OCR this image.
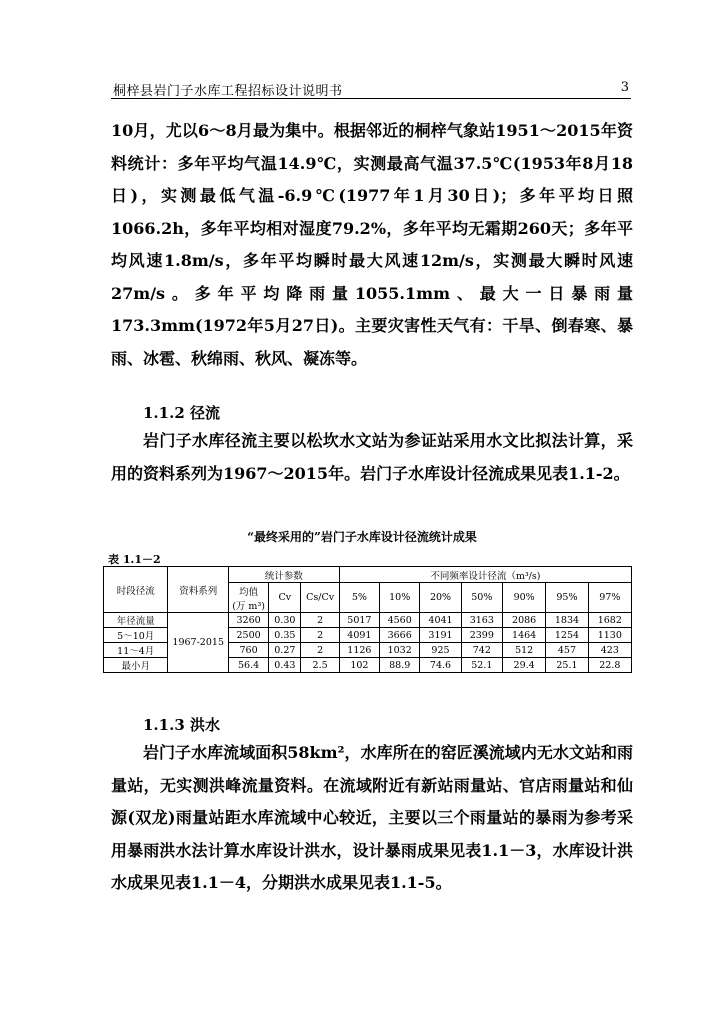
桐梓县岩门子水库工程招标设计说明书	3

10月，尤以6～8月最为集中。根据邻近的桐梓气象站1951～2015年资料统计：多年平均气温14.9℃，实测最高气温37.5℃(1953年8月18日)，实测最低气温-6.9℃(1977年1月30日)；多年平均日照1066.2h，多年平均相对湿度79.2%，多年平均无霜期260天；多年平均风速1.8m/s，多年平均瞬时最大风速12m/s，实测最大瞬时风速27m/s。多年平均降雨量1055.1mm、最大一日暴雨量173.3mm(1972年5月27日)。主要灾害性天气有：干旱、倒春寒、暴雨、冰雹、秋绵雨、秋风、凝冻等。

1.1.2 径流

岩门子水库径流主要以松坎水文站为参证站采用水文比拟法计算，采用的资料系列为1967～2015年。岩门子水库设计径流成果见表1.1-2。

“最终采用的”岩门子水库设计径流统计成果
表 1.1－2
时段径流	资料系列	统计参数			不同频率设计径流（m³/s)						

		均值
(万 m³)	Cv	Cs/Cv	5%	10%	20%	50%	90%	95%	97%
年径流量	1967-2015	3260	0.30	2	5017	4560	4041	3163	2086	1834	1682
5～10月		2500	0.35	2	4091	3666	3191	2399	1464	1254	1130
11～4月		760	0.27	2	1126	1032	925	742	512	457	423
最小月		56.4	0.43	2.5	102	88.9	74.6	52.1	29.4	25.1	22.8
1.1.3 洪水

岩门子水库流域面积58km²，水库所在的窑匠溪流域内无水文站和雨量站，无实测洪峰流量资料。在流域附近有新站雨量站、官店雨量站和仙源(双龙)雨量站距水库流域中心较近，主要以三个雨量站的暴雨为参考采用暴雨洪水法计算水库设计洪水，设计暴雨成果见表1.1－3，水库设计洪水成果见表1.1－4，分期洪水成果见表1.1-5。
